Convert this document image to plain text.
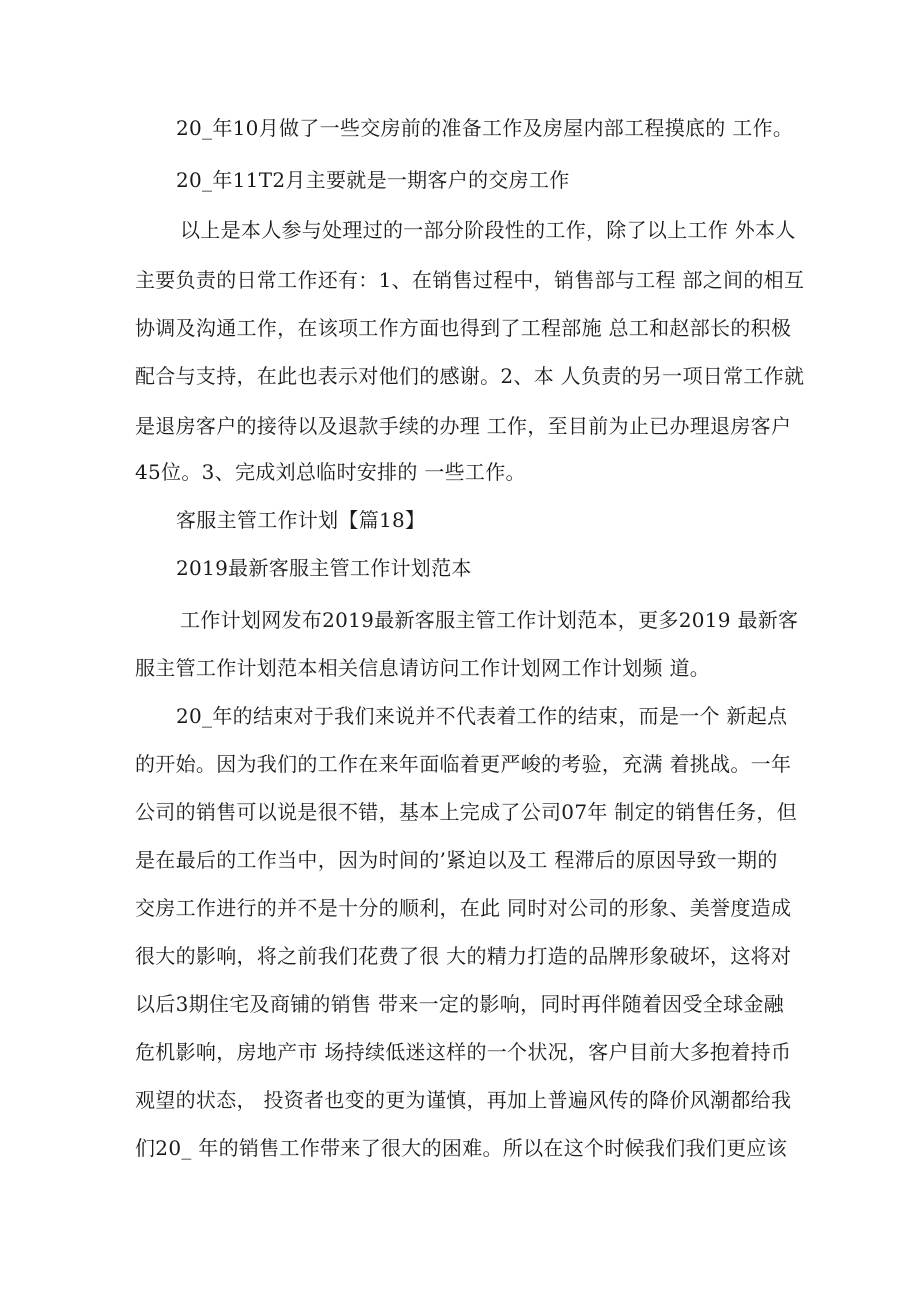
20_年10月做了一些交房前的准备工作及房屋内部工程摸底的 工作。
20_年11T2月主要就是一期客户的交房工作
以上是本人参与处理过的一部分阶段性的工作，除了以上工作 外本人
主要负责的日常工作还有：1、在销售过程中，销售部与工程 部之间的相互
协调及沟通工作，在该项工作方面也得到了工程部施 总工和赵部长的积极
配合与支持，在此也表示对他们的感谢。2、本 人负责的另一项日常工作就
是退房客户的接待以及退款手续的办理 工作，至目前为止已办理退房客户
45位。3、完成刘总临时安排的 一些工作。
客服主管工作计划【篇18】
2019最新客服主管工作计划范本
工作计划网发布2019最新客服主管工作计划范本，更多2019 最新客
服主管工作计划范本相关信息请访问工作计划网工作计划频 道。
20_年的结束对于我们来说并不代表着工作的结束，而是一个 新起点
的开始。因为我们的工作在来年面临着更严峻的考验，充满 着挑战。一年
公司的销售可以说是很不错，基本上完成了公司07年 制定的销售任务，但
是在最后的工作当中，因为时间的’紧迫以及工 程滞后的原因导致一期的
交房工作进行的并不是十分的顺利，在此 同时对公司的形象、美誉度造成
很大的影响，将之前我们花费了很 大的精力打造的品牌形象破坏，这将对
以后3期住宅及商铺的销售 带来一定的影响，同时再伴随着因受全球金融
危机影响，房地产市 场持续低迷这样的一个状况，客户目前大多抱着持币
观望的状态， 投资者也变的更为谨慎，再加上普遍风传的降价风潮都给我
们20_ 年的销售工作带来了很大的困难。所以在这个时候我们我们更应该
